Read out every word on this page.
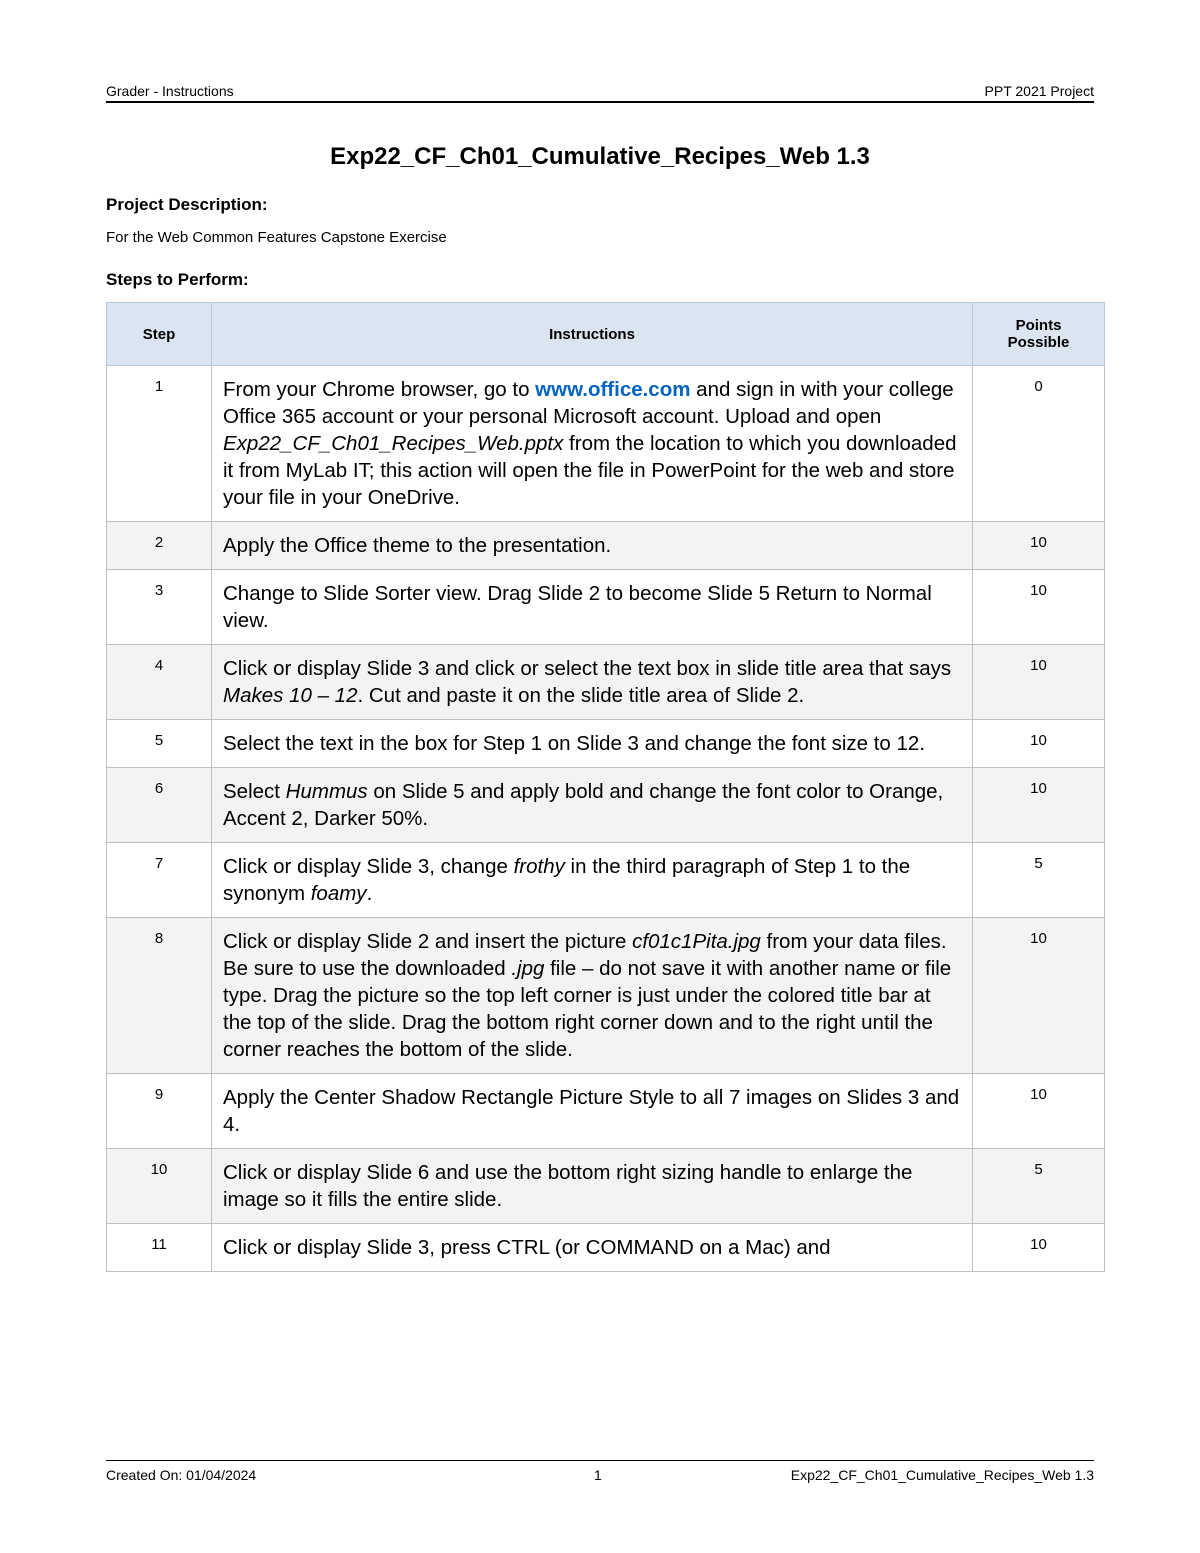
Grader - Instructions	PPT 2021 Project
Exp22_CF_Ch01_Cumulative_Recipes_Web 1.3
Project Description:
For the Web Common Features Capstone Exercise
Steps to Perform:
Step	Instructions	Points
Possible
1	From your Chrome browser, go to www.office.com and sign in with your college Office 365 account or your personal Microsoft account. Upload and open Exp22_CF_Ch01_Recipes_Web.pptx from the location to which you downloaded it from MyLab IT; this action will open the file in PowerPoint for the web and store your file in your OneDrive.	0
2	Apply the Office theme to the presentation.	10
3	Change to Slide Sorter view. Drag Slide 2 to become Slide 5 Return to Normal view.	10
4	Click or display Slide 3 and click or select the text box in slide title area that says Makes 10 – 12. Cut and paste it on the slide title area of Slide 2.	10
5	Select the text in the box for Step 1 on Slide 3 and change the font size to 12.	10
6	Select Hummus on Slide 5 and apply bold and change the font color to Orange, Accent 2, Darker 50%.	10
7	Click or display Slide 3, change frothy in the third paragraph of Step 1 to the synonym foamy.	5
8	Click or display Slide 2 and insert the picture cf01c1Pita.jpg from your data files. Be sure to use the downloaded .jpg file – do not save it with another name or file type. Drag the picture so the top left corner is just under the colored title bar at the top of the slide. Drag the bottom right corner down and to the right until the corner reaches the bottom of the slide.	10
9	Apply the Center Shadow Rectangle Picture Style to all 7 images on Slides 3 and 4.	10
10	Click or display Slide 6 and use the bottom right sizing handle to enlarge the image so it fills the entire slide.	5
11	Click or display Slide 3, press CTRL (or COMMAND on a Mac) and	10
Created On: 01/04/2024	1	Exp22_CF_Ch01_Cumulative_Recipes_Web 1.3
